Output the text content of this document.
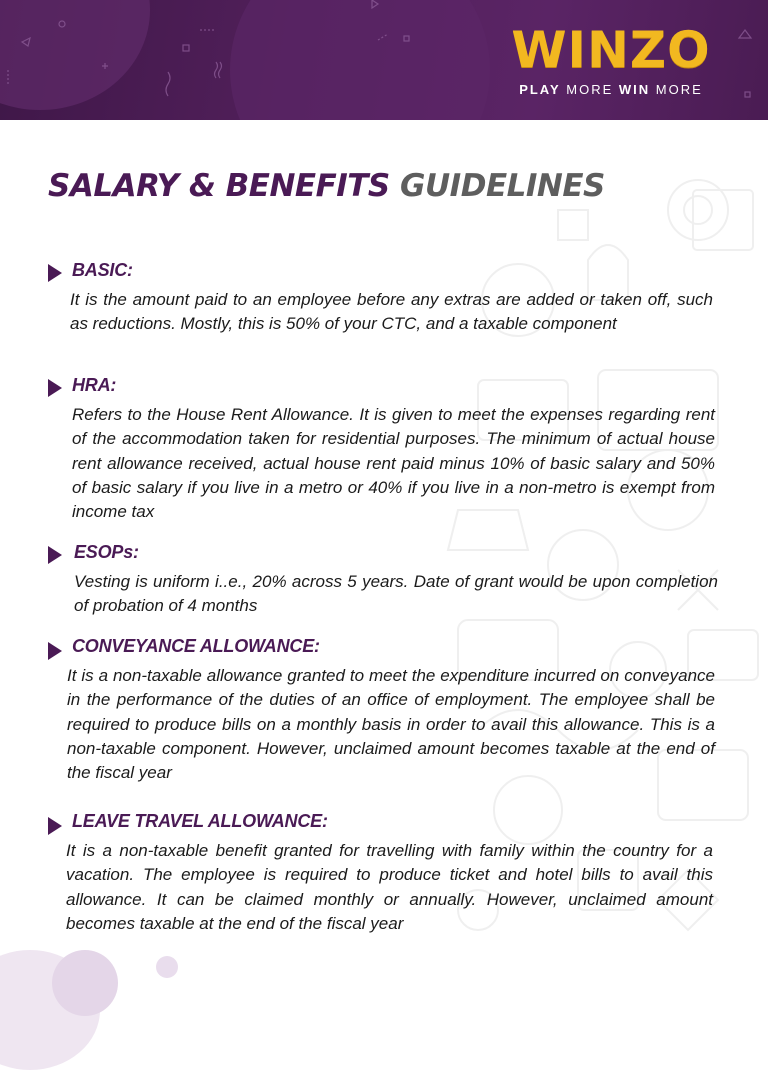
WINZO
PLAY MORE WIN MORE
SALARY & BENEFITS GUIDELINES
BASIC:
It is the amount paid to an employee before any extras are added or taken off, such as reductions. Mostly, this is 50% of your CTC, and a taxable component
HRA:
Refers to the House Rent Allowance. It is given to meet the expenses regarding rent of the accommodation taken for residential purposes. The minimum of actual house rent allowance received, actual house rent paid minus 10% of basic salary and 50% of basic salary if you live in a metro or 40% if you live in a non-metro is exempt from income tax
ESOPs:
Vesting is uniform i..e., 20% across 5 years. Date of grant would be upon completion of probation of 4 months
CONVEYANCE ALLOWANCE:
It is a non-taxable allowance granted to meet the expenditure incurred on conveyance in the performance of the duties of an office of employment. The employee shall be required to produce bills on a monthly basis in order to avail this allowance. This is a non-taxable component. However, unclaimed amount becomes taxable at the end of the fiscal year
LEAVE TRAVEL ALLOWANCE:
It is a non-taxable benefit granted for travelling with family within the country for a vacation. The employee is required to produce ticket and hotel bills to avail this allowance. It can be claimed monthly or annually. However, unclaimed amount becomes taxable at the end of the fiscal year
